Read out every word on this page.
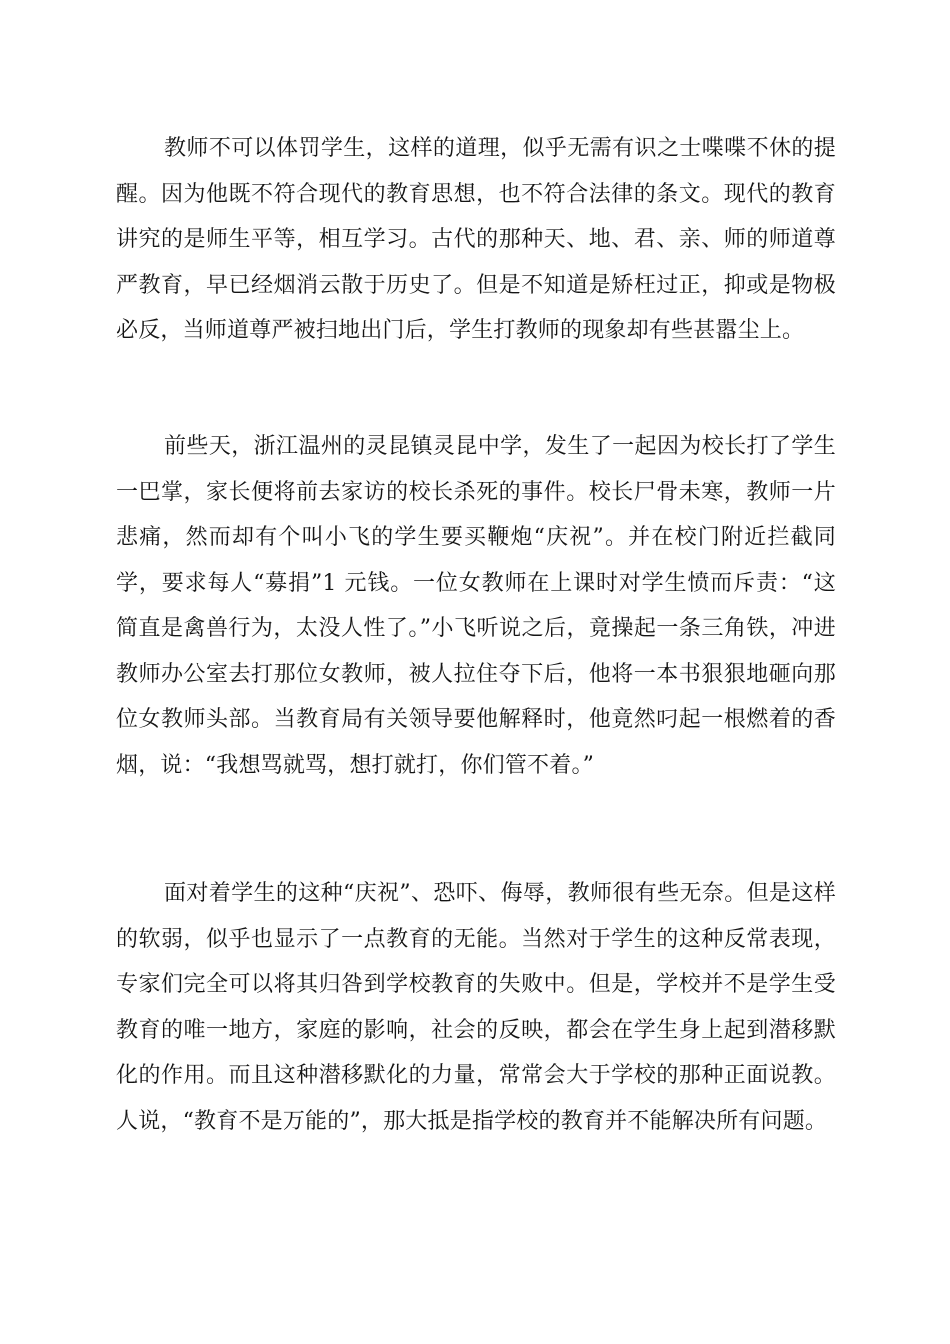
教师不可以体罚学生，这样的道理，似乎无需有识之士喋喋不休的提醒。因为他既不符合现代的教育思想，也不符合法律的条文。现代的教育讲究的是师生平等，相互学习。古代的那种天、地、君、亲、师的师道尊严教育，早已经烟消云散于历史了。但是不知道是矫枉过正，抑或是物极必反，当师道尊严被扫地出门后，学生打教师的现象却有些甚嚣尘上。

前些天，浙江温州的灵昆镇灵昆中学，发生了一起因为校长打了学生一巴掌，家长便将前去家访的校长杀死的事件。校长尸骨未寒，教师一片悲痛，然而却有个叫小飞的学生要买鞭炮“庆祝”。并在校门附近拦截同学，要求每人“募捐”1 元钱。一位女教师在上课时对学生愤而斥责：“这简直是禽兽行为，太没人性了。”小飞听说之后，竟操起一条三角铁，冲进教师办公室去打那位女教师，被人拉住夺下后，他将一本书狠狠地砸向那位女教师头部。当教育局有关领导要他解释时，他竟然叼起一根燃着的香烟，说：“我想骂就骂，想打就打，你们管不着。”

面对着学生的这种“庆祝”、恐吓、侮辱，教师很有些无奈。但是这样的软弱，似乎也显示了一点教育的无能。当然对于学生的这种反常表现，专家们完全可以将其归咎到学校教育的失败中。但是，学校并不是学生受教育的唯一地方，家庭的影响，社会的反映，都会在学生身上起到潜移默化的作用。而且这种潜移默化的力量，常常会大于学校的那种正面说教。人说，“教育不是万能的”，那大抵是指学校的教育并不能解决所有问题。
